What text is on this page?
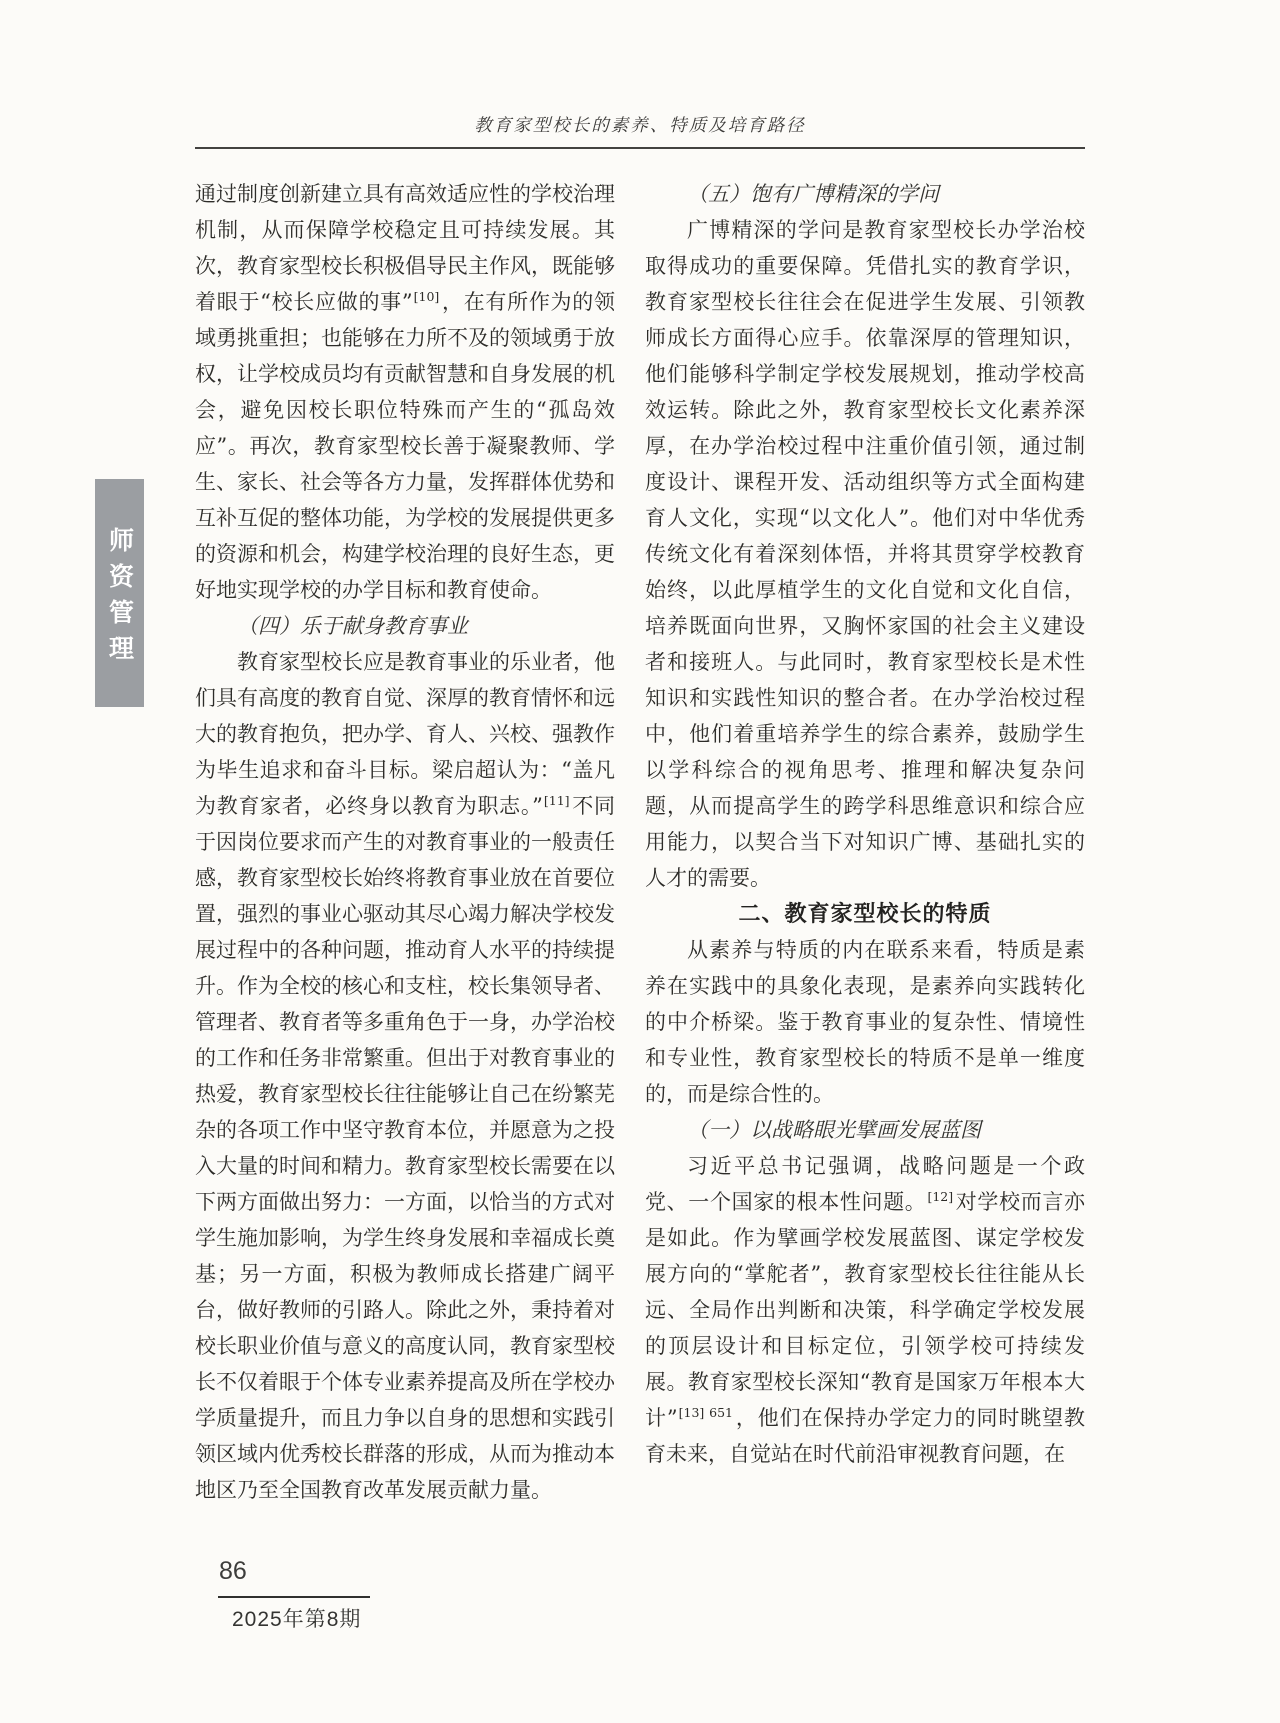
教育家型校长的素养、特质及培育路径
师资管理

通过制度创新建立具有高效适应性的学校治理机制，从而保障学校稳定且可持续发展。其次，教育家型校长积极倡导民主作风，既能够着眼于“校长应做的事”[10]，在有所作为的领域勇挑重担；也能够在力所不及的领域勇于放权，让学校成员均有贡献智慧和自身发展的机会，避免因校长职位特殊而产生的“孤岛效应”。再次，教育家型校长善于凝聚教师、学生、家长、社会等各方力量，发挥群体优势和互补互促的整体功能，为学校的发展提供更多的资源和机会，构建学校治理的良好生态，更好地实现学校的办学目标和教育使命。

（四）乐于献身教育事业

教育家型校长应是教育事业的乐业者，他们具有高度的教育自觉、深厚的教育情怀和远大的教育抱负，把办学、育人、兴校、强教作为毕生追求和奋斗目标。梁启超认为：“盖凡为教育家者，必终身以教育为职志。”[11]不同于因岗位要求而产生的对教育事业的一般责任感，教育家型校长始终将教育事业放在首要位置，强烈的事业心驱动其尽心竭力解决学校发展过程中的各种问题，推动育人水平的持续提升。作为全校的核心和支柱，校长集领导者、管理者、教育者等多重角色于一身，办学治校的工作和任务非常繁重。但出于对教育事业的热爱，教育家型校长往往能够让自己在纷繁芜杂的各项工作中坚守教育本位，并愿意为之投入大量的时间和精力。教育家型校长需要在以下两方面做出努力：一方面，以恰当的方式对学生施加影响，为学生终身发展和幸福成长奠基；另一方面，积极为教师成长搭建广阔平台，做好教师的引路人。除此之外，秉持着对校长职业价值与意义的高度认同，教育家型校长不仅着眼于个体专业素养提高及所在学校办学质量提升，而且力争以自身的思想和实践引领区域内优秀校长群落的形成，从而为推动本地区乃至全国教育改革发展贡献力量。

（五）饱有广博精深的学问

广博精深的学问是教育家型校长办学治校取得成功的重要保障。凭借扎实的教育学识，教育家型校长往往会在促进学生发展、引领教师成长方面得心应手。依靠深厚的管理知识，他们能够科学制定学校发展规划，推动学校高效运转。除此之外，教育家型校长文化素养深厚，在办学治校过程中注重价值引领，通过制度设计、课程开发、活动组织等方式全面构建育人文化，实现“以文化人”。他们对中华优秀传统文化有着深刻体悟，并将其贯穿学校教育始终，以此厚植学生的文化自觉和文化自信，培养既面向世界，又胸怀家国的社会主义建设者和接班人。与此同时，教育家型校长是术性知识和实践性知识的整合者。在办学治校过程中，他们着重培养学生的综合素养，鼓励学生以学科综合的视角思考、推理和解决复杂问题，从而提高学生的跨学科思维意识和综合应用能力，以契合当下对知识广博、基础扎实的人才的需要。

二、教育家型校长的特质

从素养与特质的内在联系来看，特质是素养在实践中的具象化表现，是素养向实践转化的中介桥梁。鉴于教育事业的复杂性、情境性和专业性，教育家型校长的特质不是单一维度的，而是综合性的。

（一）以战略眼光擘画发展蓝图

习近平总书记强调，战略问题是一个政党、一个国家的根本性问题。[12]对学校而言亦是如此。作为擘画学校发展蓝图、谋定学校发展方向的“掌舵者”，教育家型校长往往能从长远、全局作出判断和决策，科学确定学校发展的顶层设计和目标定位，引领学校可持续发展。教育家型校长深知“教育是国家万年根本大计”$^{[13] 651}$，他们在保持办学定力的同时眺望教育未来，自觉站在时代前沿审视教育问题，在

86
2025年第8期
